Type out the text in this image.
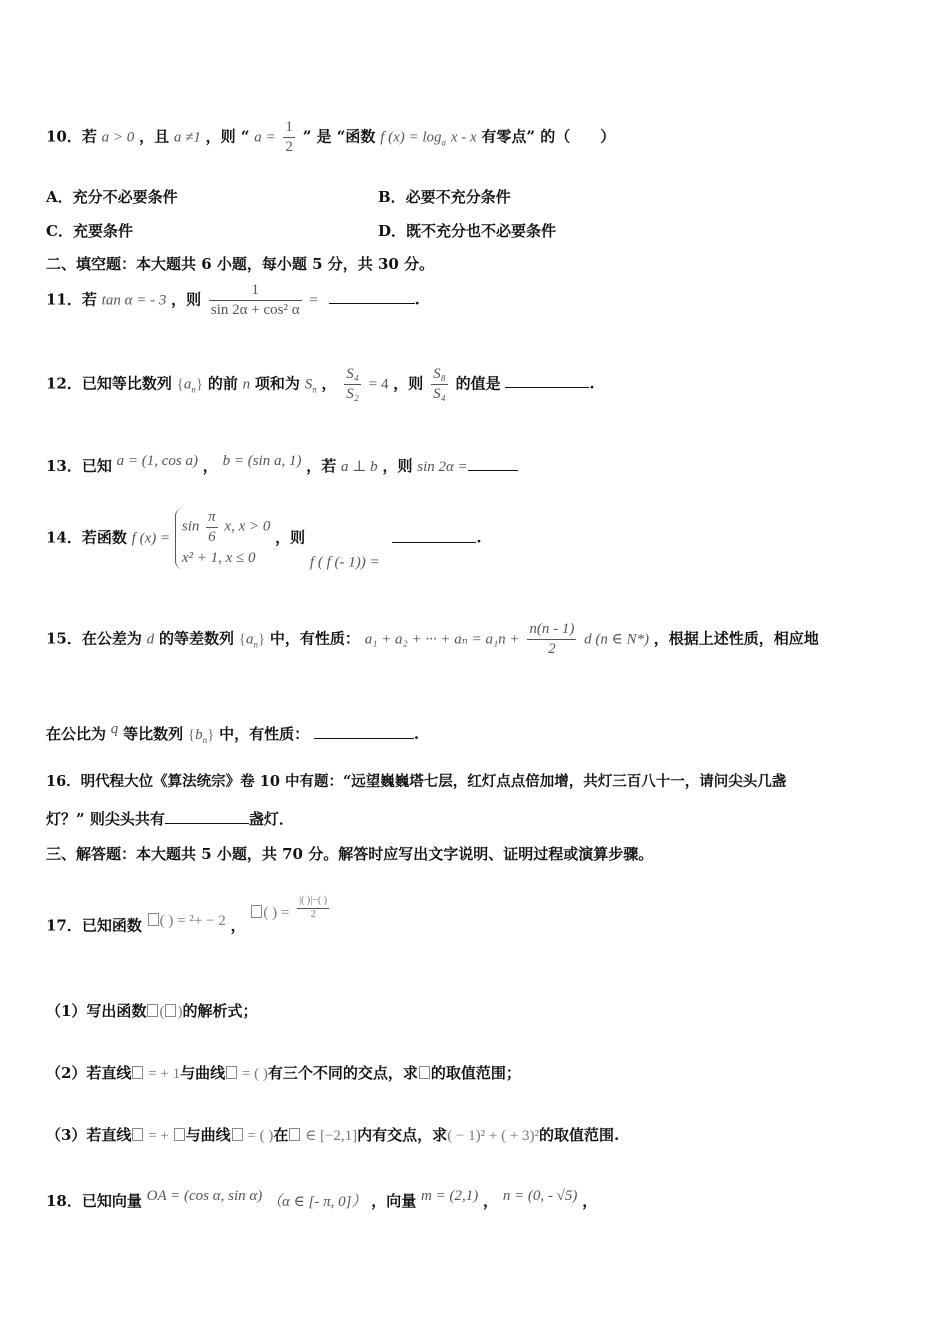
10．若 a > 0 ，且 a ≠1 ，则 “ $a = \frac{1}{2}$ ” 是 “函数 f $(x) = \log_a x - x$ 有零点” 的（　　）
A．充分不必要条件	B．必要不充分条件
C．充要条件	D．既不充分也不必要条件
二、填空题：本大题共 6 小题，每小题 5 分，共 30 分。
11．若 tan α = - 3 ，则 $\frac{1}{\text{sin 2α + cos² α}}$ =	.
12．已知等比数列 $\{a_n\}$ 的前 n 项和为 $S_n$ ， $\frac{\text{S₄}}{\text{S₂}} = 4$ ，则 $\frac{\text{S₈}}{\text{S₄}}$ 的值是	.
13．已知 a = (1, cos a) ， b = (sin a, 1) ，若 a ⊥ b ，则 sin 2α =
14．若函数 f (x) =
$\sin \frac{\pi}{6} x$, x > 0
x² + 1, x ≤ 0
，则 f ( f (- 1)) = .
15．在公差为 d 的等差数列 $\{a_n\}$ 中，有性质： a₁ + a₂ + ··· + $a_n = a_1n + \frac{n(n - 1)}{2}$ d (n ∈ N*) ，根据上述性质，相应地
在公比为 q 等比数列 $\{b_n\}$ 中，有性质：	.
16．明代程大位《算法统宗》卷 10 中有题：“远望巍巍塔七层，红灯点点倍加增，共灯三百八十一，请问尖头几盏
灯？” 则尖头共有	盏灯．
三、解答题：本大题共 5 小题，共 70 分。解答时应写出文字说明、证明过程或演算步骤。
17．已知函数 ( ) = ²+ − 2 ， ( ) = $\frac{|( )|-( )}{2}$
（1）写出函数 ( )的解析式；
（2）若直线 = + 1与曲线 = ( )有三个不同的交点，求 的取值范围；
（3）若直线 = + 与曲线 = ( )在 ∈ [−2,1]内有交点，求( − 1)² + ( + 3)²的取值范围.
18．已知向量 OA = (cos α, sin α) （α ∈ [- π, 0]） ，向量 m = (2,1) ， n = (0, - √5) ，
